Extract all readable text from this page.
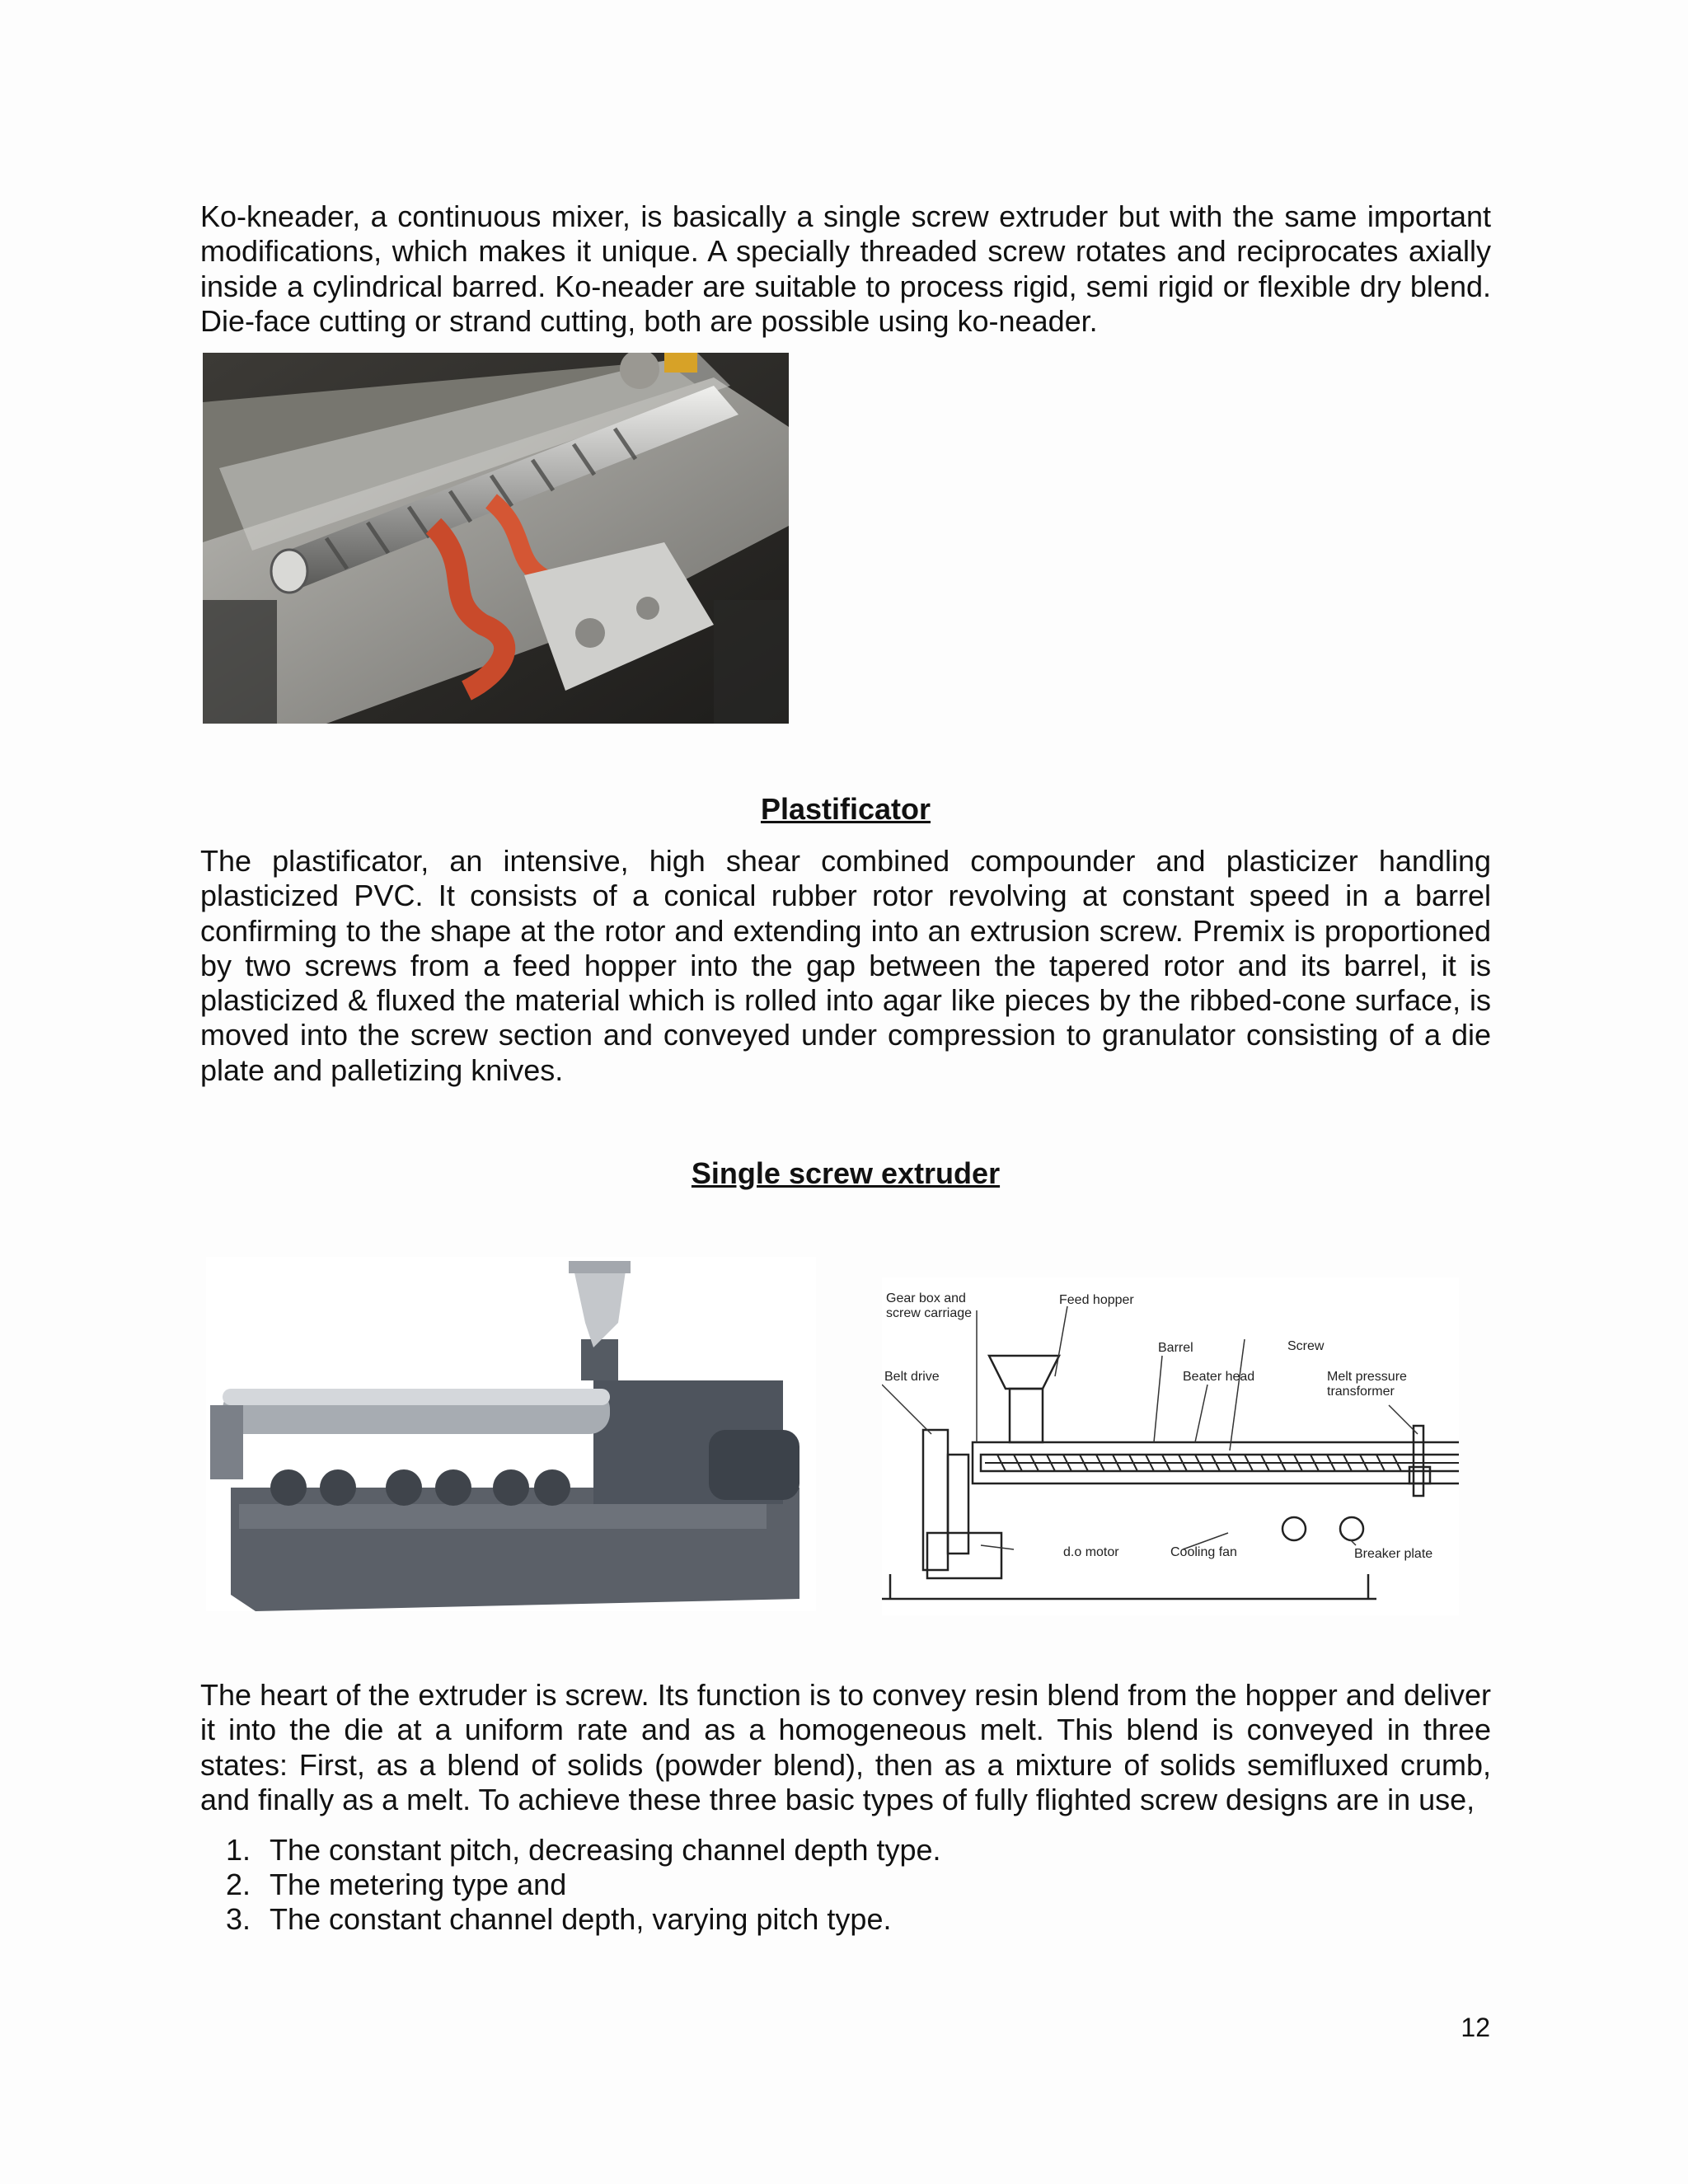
Ko-kneader, a continuous mixer, is basically a single screw extruder but with the same important modifications, which makes it unique. A specially threaded screw rotates and reciprocates axially inside a cylindrical barred. Ko-neader are suitable to process rigid, semi rigid or flexible dry blend. Die-face cutting or strand cutting, both are possible using ko-neader.

Plastificator

The plastificator, an intensive, high shear combined compounder and plasticizer handling plasticized PVC. It consists of a conical rubber rotor revolving at constant speed in a barrel confirming to the shape at the rotor and extending into an extrusion screw. Premix is proportioned by two screws from a feed hopper into the gap between the tapered rotor and its barrel, it is plasticized & fluxed the material which is rolled into agar like pieces by the ribbed-cone surface, is moved into the screw section and conveyed under compression to granulator consisting of a die plate and palletizing knives.

Single screw extruder
Gear box and
screw carriage
Feed hopper
Barrel	Screw
Belt drive	Beater head	Melt pressure
transformer
d.o motor	Cooling fan	Breaker plate

The heart of the extruder is screw. Its function is to convey resin blend from the hopper and deliver it into the die at a uniform rate and as a homogeneous melt. This blend is conveyed in three states: First, as a blend of solids (powder blend), then as a mixture of solids semifluxed crumb, and finally as a melt. To achieve these three basic types of fully flighted screw designs are in use,

1. The constant pitch, decreasing channel depth type.
2. The metering type and
3. The constant channel depth, varying pitch type.
12
